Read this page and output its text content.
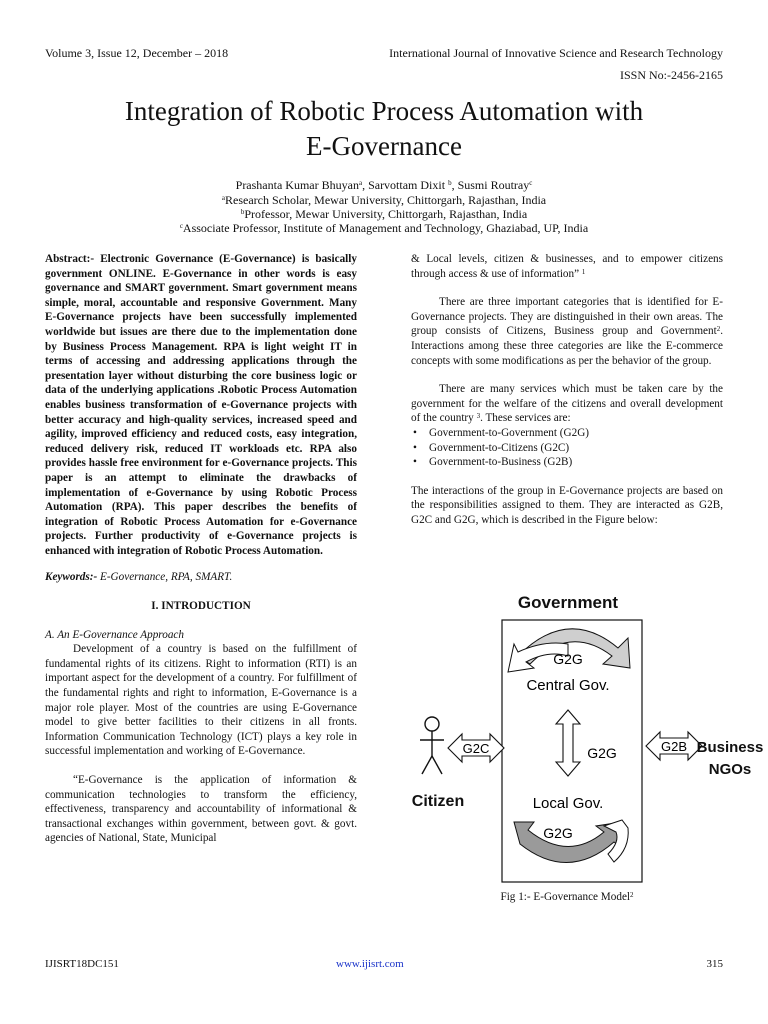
Volume 3, Issue 12, December – 2018	International Journal of Innovative Science and Research Technology
ISSN No:-2456-2165
Integration of Robotic Process Automation with
E-Governance
Prashanta Kumar Bhuyan$^a$, Sarvottam Dixit $^b$, Susmi Routray$^c$
$^a$Research Scholar, Mewar University, Chittorgarh, Rajasthan, India
$^b$Professor, Mewar University, Chittorgarh, Rajasthan, India
$^c$Associate Professor, Institute of Management and Technology, Ghaziabad, UP, India

Abstract:- Electronic Governance (E-Governance) is basically government ONLINE. E-Governance in other words is easy governance and SMART government. Smart government means simple, moral, accountable and responsive Government. Many E-Governance projects have been successfully implemented worldwide but issues are there due to the implementation done by Business Process Management. RPA is light weight IT in terms of accessing and addressing applications through the presentation layer without disturbing the core business logic or data of the underlying applications .Robotic Process Automation enables business transformation of e-Governance projects with better accuracy and high-quality services, increased speed and agility, improved efficiency and reduced costs, easy integration, reduced delivery risk, reduced IT workloads etc. RPA also provides hassle free environment for e-Governance projects. This paper is an attempt to eliminate the drawbacks of implementation of e-Governance by using Robotic Process Automation (RPA). This paper describes the benefits of integration of Robotic Process Automation for e-Governance projects. Further productivity of e-Governance projects is enhanced with integration of Robotic Process Automation.

Keywords:- E-Governance, RPA, SMART.

I. INTRODUCTION

A. An E-Governance Approach

Development of a country is based on the fulfillment of fundamental rights of its citizens. Right to information (RTI) is an important aspect for the development of a country. For fulfillment of the fundamental rights and right to information, E-Governance is a major role player. Most of the countries are using E-Governance model to give better facilities to their citizens in all fronts. Information Communication Technology (ICT) plays a key role in successful implementation and working of E-Governance.

“E-Governance is the application of information & communication technologies to transform the efficiency, effectiveness, transparency and accountability of informational & transactional exchanges within government, between govt. & govt. agencies of National, State, Municipal

& Local levels, citizen & businesses, and to empower citizens through access & use of information” $^1$

There are three important categories that is identified for E-Governance projects. They are distinguished in their own areas. The group consists of Citizens, Business group and Government$^2$. Interactions among these three categories are like the E-commerce concepts with some modifications as per the behavior of the group.

There are many services which must be taken care by the government for the welfare of the citizens and overall development of the country $^3$. These services are:

• Government-to-Government (G2G)
• Government-to-Citizens (G2C)
• Government-to-Business (G2B)

The interactions of the group in E-Governance projects are based on the responsibilities assigned to them. They are interacted as G2B, G2C and G2G, which is described in the Figure below:

Government
G2G
Central Gov.
G2G
G2C
Citizen
G2B Business
NGOs
Local Gov.
G2G
Fig 1:- E-Governance Model$^2$
IJISRT18DC151	www.ijisrt.com	315
